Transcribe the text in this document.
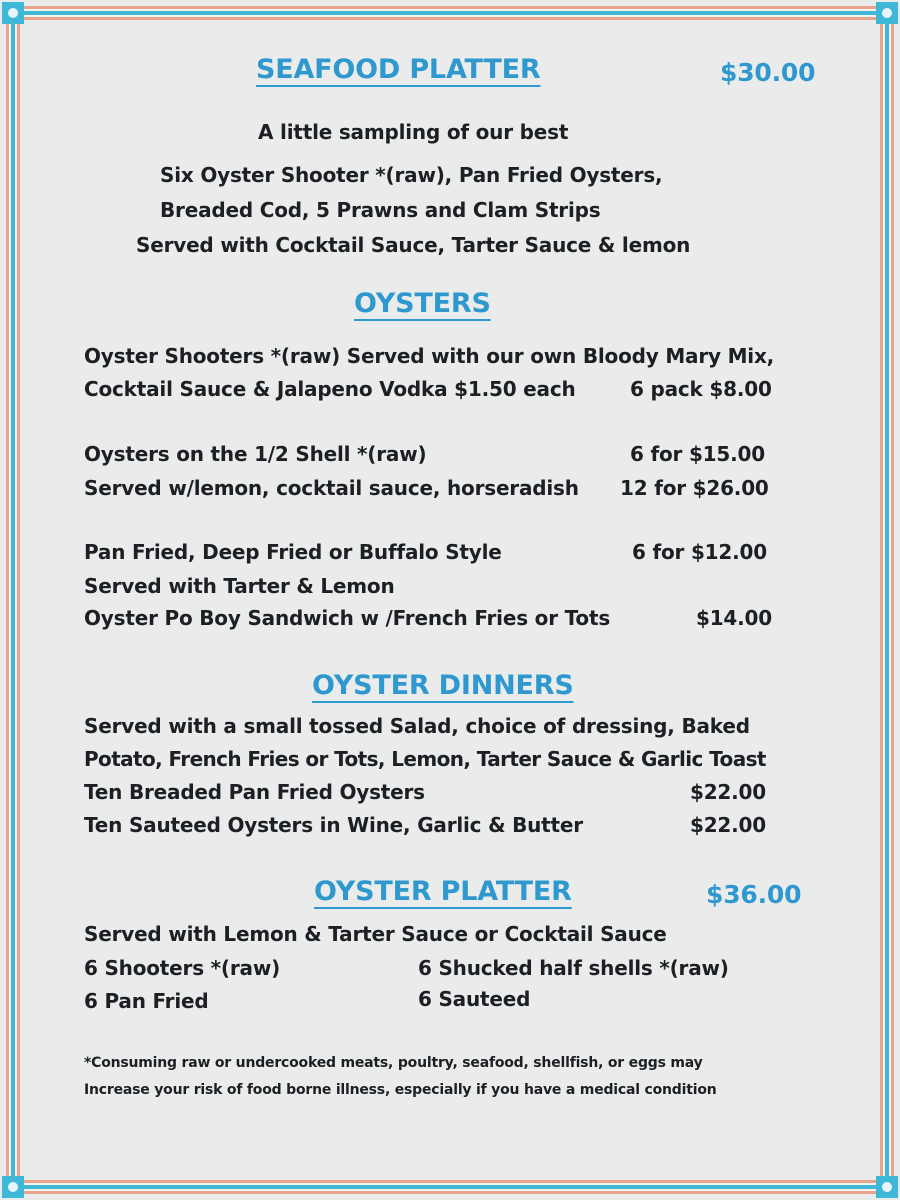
SEAFOOD PLATTER	$30.00
A little sampling of our best
Six Oyster Shooter *(raw), Pan Fried Oysters,
Breaded Cod, 5 Prawns and Clam Strips
Served with Cocktail Sauce, Tarter Sauce & lemon
OYSTERS
Oyster Shooters *(raw) Served with our own Bloody Mary Mix,
Cocktail Sauce & Jalapeno Vodka $1.50 each	6 pack $8.00
Oysters on the 1/2 Shell *(raw)	6 for $15.00
Served w/lemon, cocktail sauce, horseradish 12 for $26.00
Pan Fried, Deep Fried or Buffalo Style	6 for $12.00
Served with Tarter & Lemon
Oyster Po Boy Sandwich w /French Fries or Tots	$14.00
OYSTER DINNERS
Served with a small tossed Salad, choice of dressing, Baked
Potato, French Fries or Tots, Lemon, Tarter Sauce & Garlic Toast
Ten Breaded Pan Fried Oysters	$22.00
Ten Sauteed Oysters in Wine, Garlic & Butter	$22.00
OYSTER PLATTER	$36.00
Served with Lemon & Tarter Sauce or Cocktail Sauce
6 Shooters *(raw)	6 Shucked half shells *(raw)
6 Pan Fried	6 Sauteed
*Consuming raw or undercooked meats, poultry, seafood, shellfish, or eggs may
Increase your risk of food borne illness, especially if you have a medical condition
